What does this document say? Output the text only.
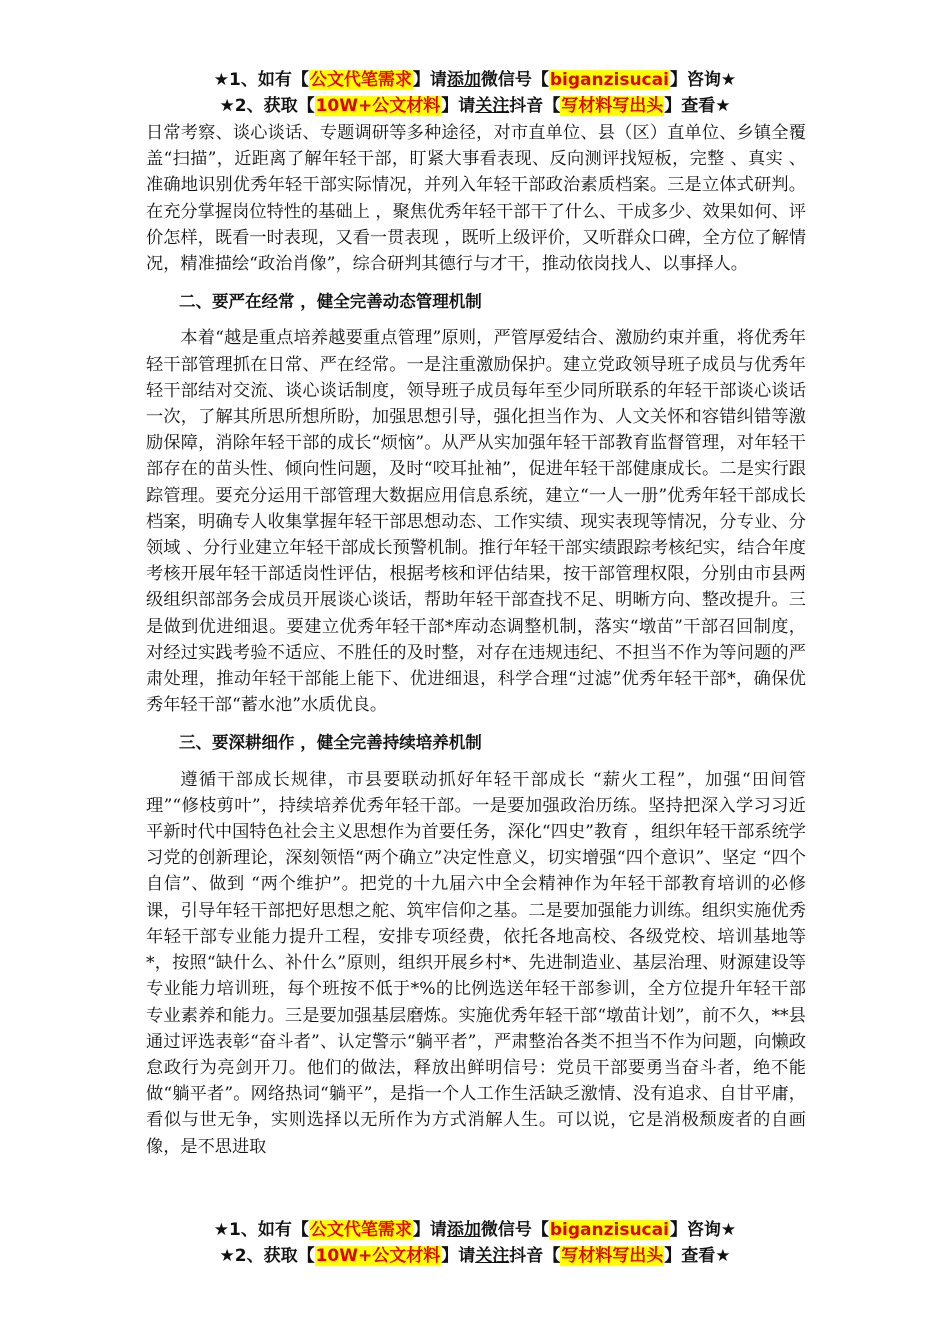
★1、如有【公文代笔需求】请添加微信号【biganzisucai】咨询★
★2、获取【10W+公文材料】请关注抖音【写材料写出头】查看★

日常考察、谈心谈话、专题调研等多种途径，对市直单位、县（区）直单位、乡镇全覆盖“扫描”，近距离了解年轻干部，盯紧大事看表现、反向测评找短板，完整 、真实 、准确地识别优秀年轻干部实际情况，并列入年轻干部政治素质档案。三是立体式研判。在充分掌握岗位特性的基础上 ，聚焦优秀年轻干部干了什么、干成多少、效果如何、评价怎样，既看一时表现，又看一贯表现 ，既听上级评价，又听群众口碑，全方位了解情况，精准描绘“政治肖像”，综合研判其德行与才干，推动依岗找人、以事择人。

二、要严在经常 ，健全完善动态管理机制

本着“越是重点培养越要重点管理”原则，严管厚爱结合、激励约束并重，将优秀年轻干部管理抓在日常、严在经常。一是注重激励保护。建立党政领导班子成员与优秀年轻干部结对交流、谈心谈话制度，领导班子成员每年至少同所联系的年轻干部谈心谈话一次，了解其所思所想所盼，加强思想引导，强化担当作为、人文关怀和容错纠错等激励保障，消除年轻干部的成长“烦恼”。从严从实加强年轻干部教育监督管理，对年轻干部存在的苗头性、倾向性问题，及时“咬耳扯袖”，促进年轻干部健康成长。二是实行跟踪管理。要充分运用干部管理大数据应用信息系统，建立“一人一册”优秀年轻干部成长档案，明确专人收集掌握年轻干部思想动态、工作实绩、现实表现等情况，分专业、分领域 、分行业建立年轻干部成长预警机制。推行年轻干部实绩跟踪考核纪实，结合年度考核开展年轻干部适岗性评估，根据考核和评估结果，按干部管理权限，分别由市县两级组织部部务会成员开展谈心谈话，帮助年轻干部查找不足、明晰方向、整改提升。三是做到优进细退。要建立优秀年轻干部*库动态调整机制，落实“墩苗”干部召回制度，对经过实践考验不适应、不胜任的及时整，对存在违规违纪、不担当不作为等问题的严肃处理，推动年轻干部能上能下、优进细退，科学合理“过滤”优秀年轻干部*，确保优秀年轻干部“蓄水池”水质优良。

三、要深耕细作 ，健全完善持续培养机制

遵循干部成长规律，市县要联动抓好年轻干部成长 “薪火工程”，加强“田间管理”“修枝剪叶”，持续培养优秀年轻干部。一是要加强政治历练。坚持把深入学习习近平新时代中国特色社会主义思想作为首要任务，深化“四史”教育 ，组织年轻干部系统学习党的创新理论，深刻领悟“两个确立”决定性意义，切实增强“四个意识”、坚定 “四个自信”、做到 “两个维护”。把党的十九届六中全会精神作为年轻干部教育培训的必修课，引导年轻干部把好思想之舵、筑牢信仰之基。二是要加强能力训练。组织实施优秀年轻干部专业能力提升工程，安排专项经费，依托各地高校、各级党校、培训基地等*，按照“缺什么、补什么”原则，组织开展乡村*、先进制造业、基层治理、财源建设等专业能力培训班，每个班按不低于*%的比例选送年轻干部参训，全方位提升年轻干部专业素养和能力。三是要加强基层磨炼。实施优秀年轻干部“墩苗计划”，前不久，**县通过评选表彰“奋斗者”、认定警示“躺平者”，严肃整治各类不担当不作为问题，向懒政怠政行为亮剑开刀。他们的做法，释放出鲜明信号：党员干部要勇当奋斗者，绝不能做“躺平者”。网络热词“躺平”，是指一个人工作生活缺乏激情、没有追求、自甘平庸，看似与世无争，实则选择以无所作为方式消解人生。可以说，它是消极颓废者的自画像，是不思进取

★1、如有【公文代笔需求】请添加微信号【biganzisucai】咨询★
★2、获取【10W+公文材料】请关注抖音【写材料写出头】查看★
